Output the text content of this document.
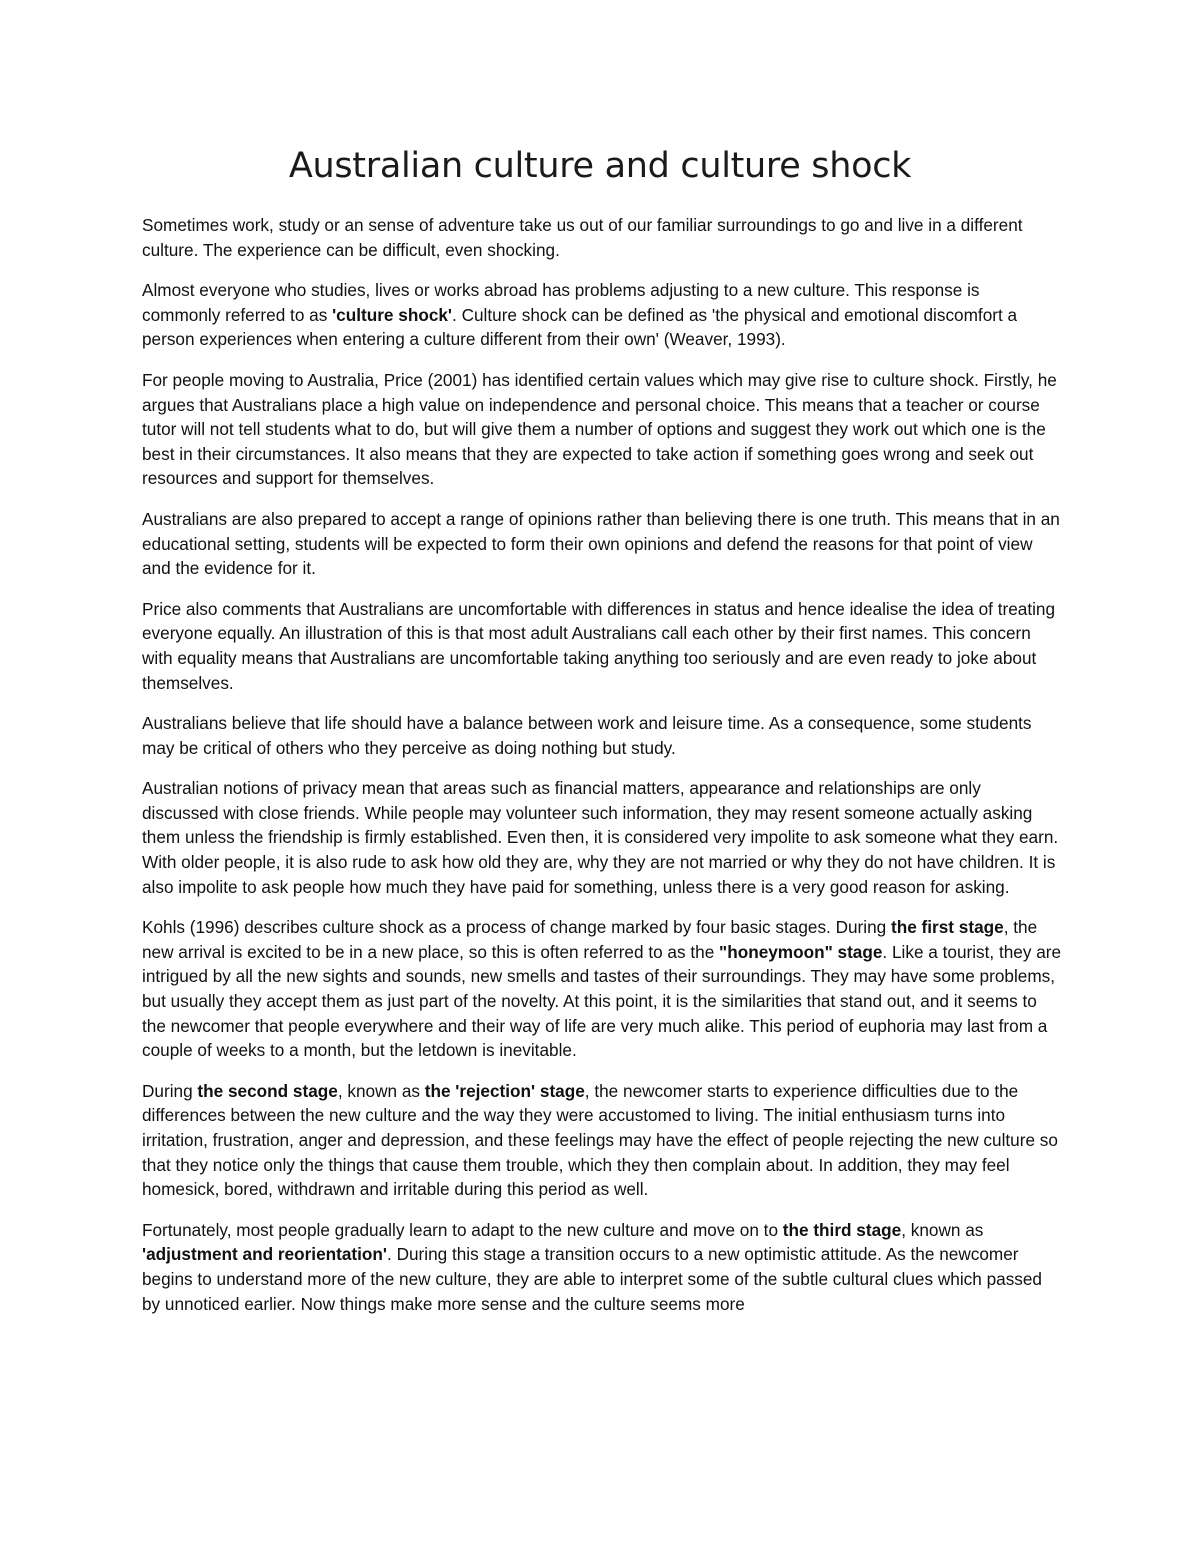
Australian culture and culture shock

Sometimes work, study or an sense of adventure take us out of our familiar surroundings to go and live in a different culture. The experience can be difficult, even shocking.

Almost everyone who studies, lives or works abroad has problems adjusting to a new culture. This response is commonly referred to as 'culture shock'. Culture shock can be defined as 'the physical and emotional discomfort a person experiences when entering a culture different from their own' (Weaver, 1993).

For people moving to Australia, Price (2001) has identified certain values which may give rise to culture shock. Firstly, he argues that Australians place a high value on independence and personal choice. This means that a teacher or course tutor will not tell students what to do, but will give them a number of options and suggest they work out which one is the best in their circumstances. It also means that they are expected to take action if something goes wrong and seek out resources and support for themselves.

Australians are also prepared to accept a range of opinions rather than believing there is one truth. This means that in an educational setting, students will be expected to form their own opinions and defend the reasons for that point of view and the evidence for it.

Price also comments that Australians are uncomfortable with differences in status and hence idealise the idea of treating everyone equally. An illustration of this is that most adult Australians call each other by their first names. This concern with equality means that Australians are uncomfortable taking anything too seriously and are even ready to joke about themselves.

Australians believe that life should have a balance between work and leisure time. As a consequence, some students may be critical of others who they perceive as doing nothing but study.

Australian notions of privacy mean that areas such as financial matters, appearance and relationships are only discussed with close friends. While people may volunteer such information, they may resent someone actually asking them unless the friendship is firmly established. Even then, it is considered very impolite to ask someone what they earn. With older people, it is also rude to ask how old they are, why they are not married or why they do not have children. It is also impolite to ask people how much they have paid for something, unless there is a very good reason for asking.

Kohls (1996) describes culture shock as a process of change marked by four basic stages. During the first stage, the new arrival is excited to be in a new place, so this is often referred to as the "honeymoon" stage. Like a tourist, they are intrigued by all the new sights and sounds, new smells and tastes of their surroundings. They may have some problems, but usually they accept them as just part of the novelty. At this point, it is the similarities that stand out, and it seems to the newcomer that people everywhere and their way of life are very much alike. This period of euphoria may last from a couple of weeks to a month, but the letdown is inevitable.

During the second stage, known as the 'rejection' stage, the newcomer starts to experience difficulties due to the differences between the new culture and the way they were accustomed to living. The initial enthusiasm turns into irritation, frustration, anger and depression, and these feelings may have the effect of people rejecting the new culture so that they notice only the things that cause them trouble, which they then complain about. In addition, they may feel homesick, bored, withdrawn and irritable during this period as well.

Fortunately, most people gradually learn to adapt to the new culture and move on to the third stage, known as 'adjustment and reorientation'. During this stage a transition occurs to a new optimistic attitude. As the newcomer begins to understand more of the new culture, they are able to interpret some of the subtle cultural clues which passed by unnoticed earlier. Now things make more sense and the culture seems more
